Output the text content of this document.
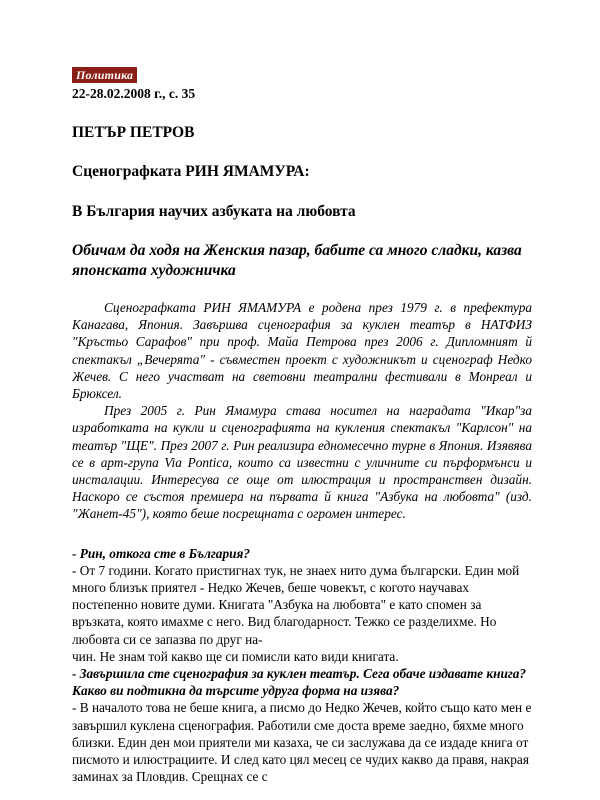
Политика
22-28.02.2008 г., с. 35
ПЕТЪР ПЕТРОВ
Сценографката РИН ЯМАМУРА:
В България научих азбуката на любовта
Обичам да ходя на Женския пазар, бабите са много сладки, казва японската художничка

Сценографката РИН ЯМАМУРА е родена през 1979 г. в префектура Канагава, Япония. Завършва сценография за куклен театър в НАТФИЗ "Кръстьо Сарафов" при проф. Майа Петрова през 2006 г. Дипломният й спектакъл „Вечерята" - съвместен проект с художникът и сценограф Недко Жечев. С него участват на световни театрални фестивали в Монреал и Брюксел.

През 2005 г. Рин Ямамура става носител на наградата "Икар"за изработката на кукли и сценографията на кукления спектакъл "Карлсон" на театър "ЩЕ". През 2007 г. Рин реализира едномесечно турне в Япония. Изявява се в арт-група Via Pontica, които са известни с уличните си пърформънси и инсталации. Интересува се още от илюстрация и пространствен дизайн. Наскоро се състоя премиера на първата й книга "Азбука на любовта" (изд. "Жанет-45"), която беше посрещната с огромен интерес.

- Рин, откога сте в България?

- От 7 години. Когато пристигнах тук, не знаех нито дума български. Един мой много близък приятел - Недко Жечев, беше човекът, с когото научавах постепенно новите думи. Книгата "Азбука на любовта" е като спомен за връзката, която имахме с него. Вид благодарност. Тежко се разделихме. Но любовта си се запазва по друг на-

чин. Не знам той какво ще си помисли като види книгата.

- Завършила сте сценография за куклен театър. Сега обаче издавате книга? Какво ви подтикна да търсите удруга форма на изява?

- В началото това не беше книга, а писмо до Недко Жечев, който също като мен е завършил куклена сценография. Работили сме доста време заедно, бяхме много близки. Един ден мои приятели ми казаха, че си заслужава да се издаде книга от писмото и илюстрациите. И след като цял месец се чудих какво да правя, накрая заминах за Пловдив. Срещнах се с
